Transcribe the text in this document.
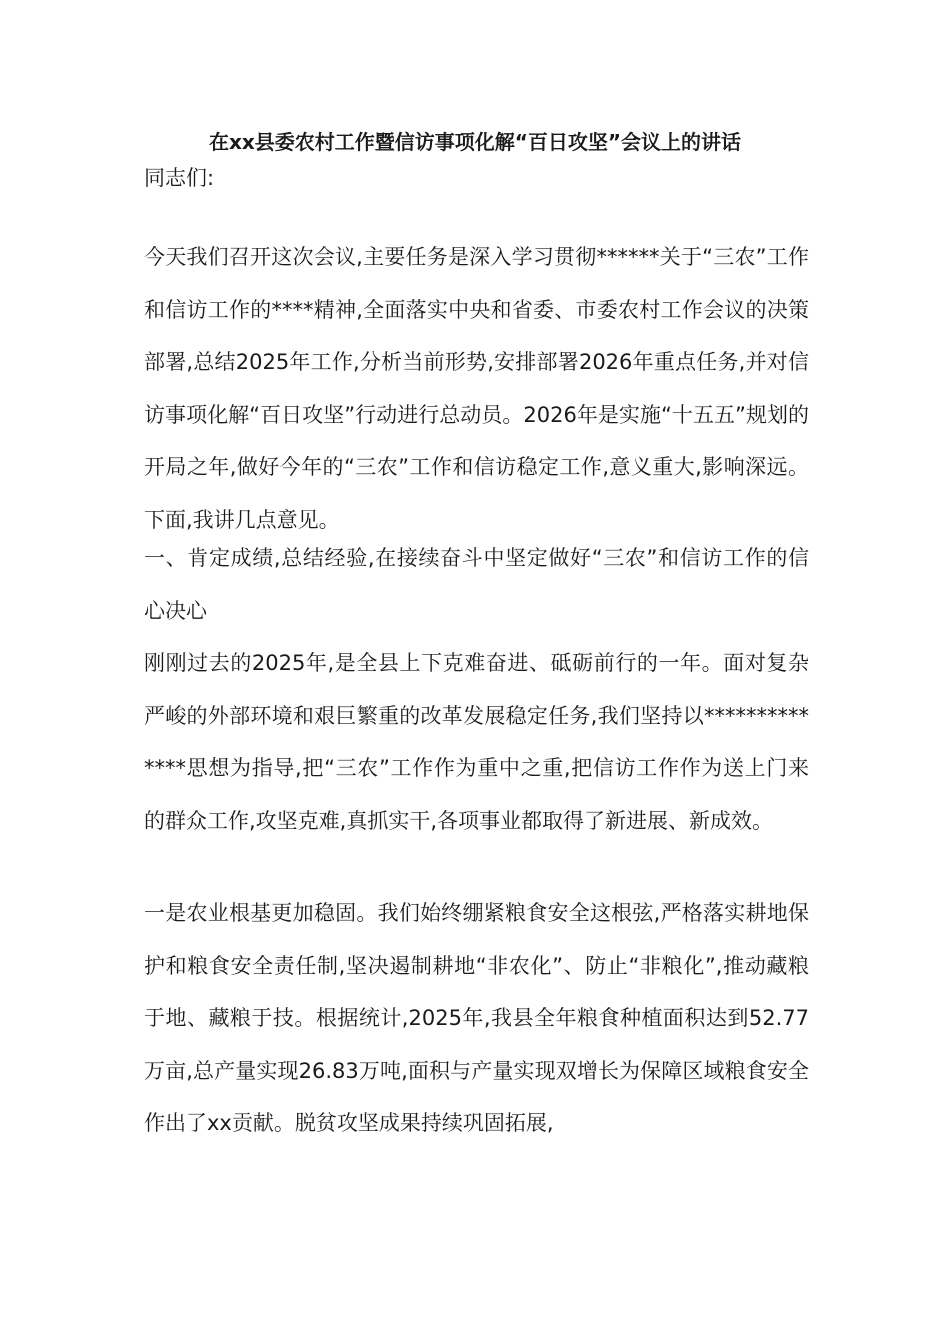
在xx县委农村工作暨信访事项化解“百日攻坚”会议上的讲话

同志们:

今天我们召开这次会议,主要任务是深入学习贯彻******关于“三农”工作和信访工作的****精神,全面落实中央和省委、市委农村工作会议的决策部署,总结2025年工作,分析当前形势,安排部署2026年重点任务,并对信访事项化解“百日攻坚”行动进行总动员。2026年是实施“十五五”规划的开局之年,做好今年的“三农”工作和信访稳定工作,意义重大,影响深远。下面,我讲几点意见。

一、肯定成绩,总结经验,在接续奋斗中坚定做好“三农”和信访工作的信心决心

刚刚过去的2025年,是全县上下克难奋进、砥砺前行的一年。面对复杂严峻的外部环境和艰巨繁重的改革发展稳定任务,我们坚持以**************思想为指导,把“三农”工作作为重中之重,把信访工作作为送上门来的群众工作,攻坚克难,真抓实干,各项事业都取得了新进展、新成效。

一是农业根基更加稳固。我们始终绷紧粮食安全这根弦,严格落实耕地保护和粮食安全责任制,坚决遏制耕地“非农化”、防止“非粮化”,推动藏粮于地、藏粮于技。根据统计,2025年,我县全年粮食种植面积达到52.77万亩,总产量实现26.83万吨,面积与产量实现双增长为保障区域粮食安全作出了xx贡献。脱贫攻坚成果持续巩固拓展,
